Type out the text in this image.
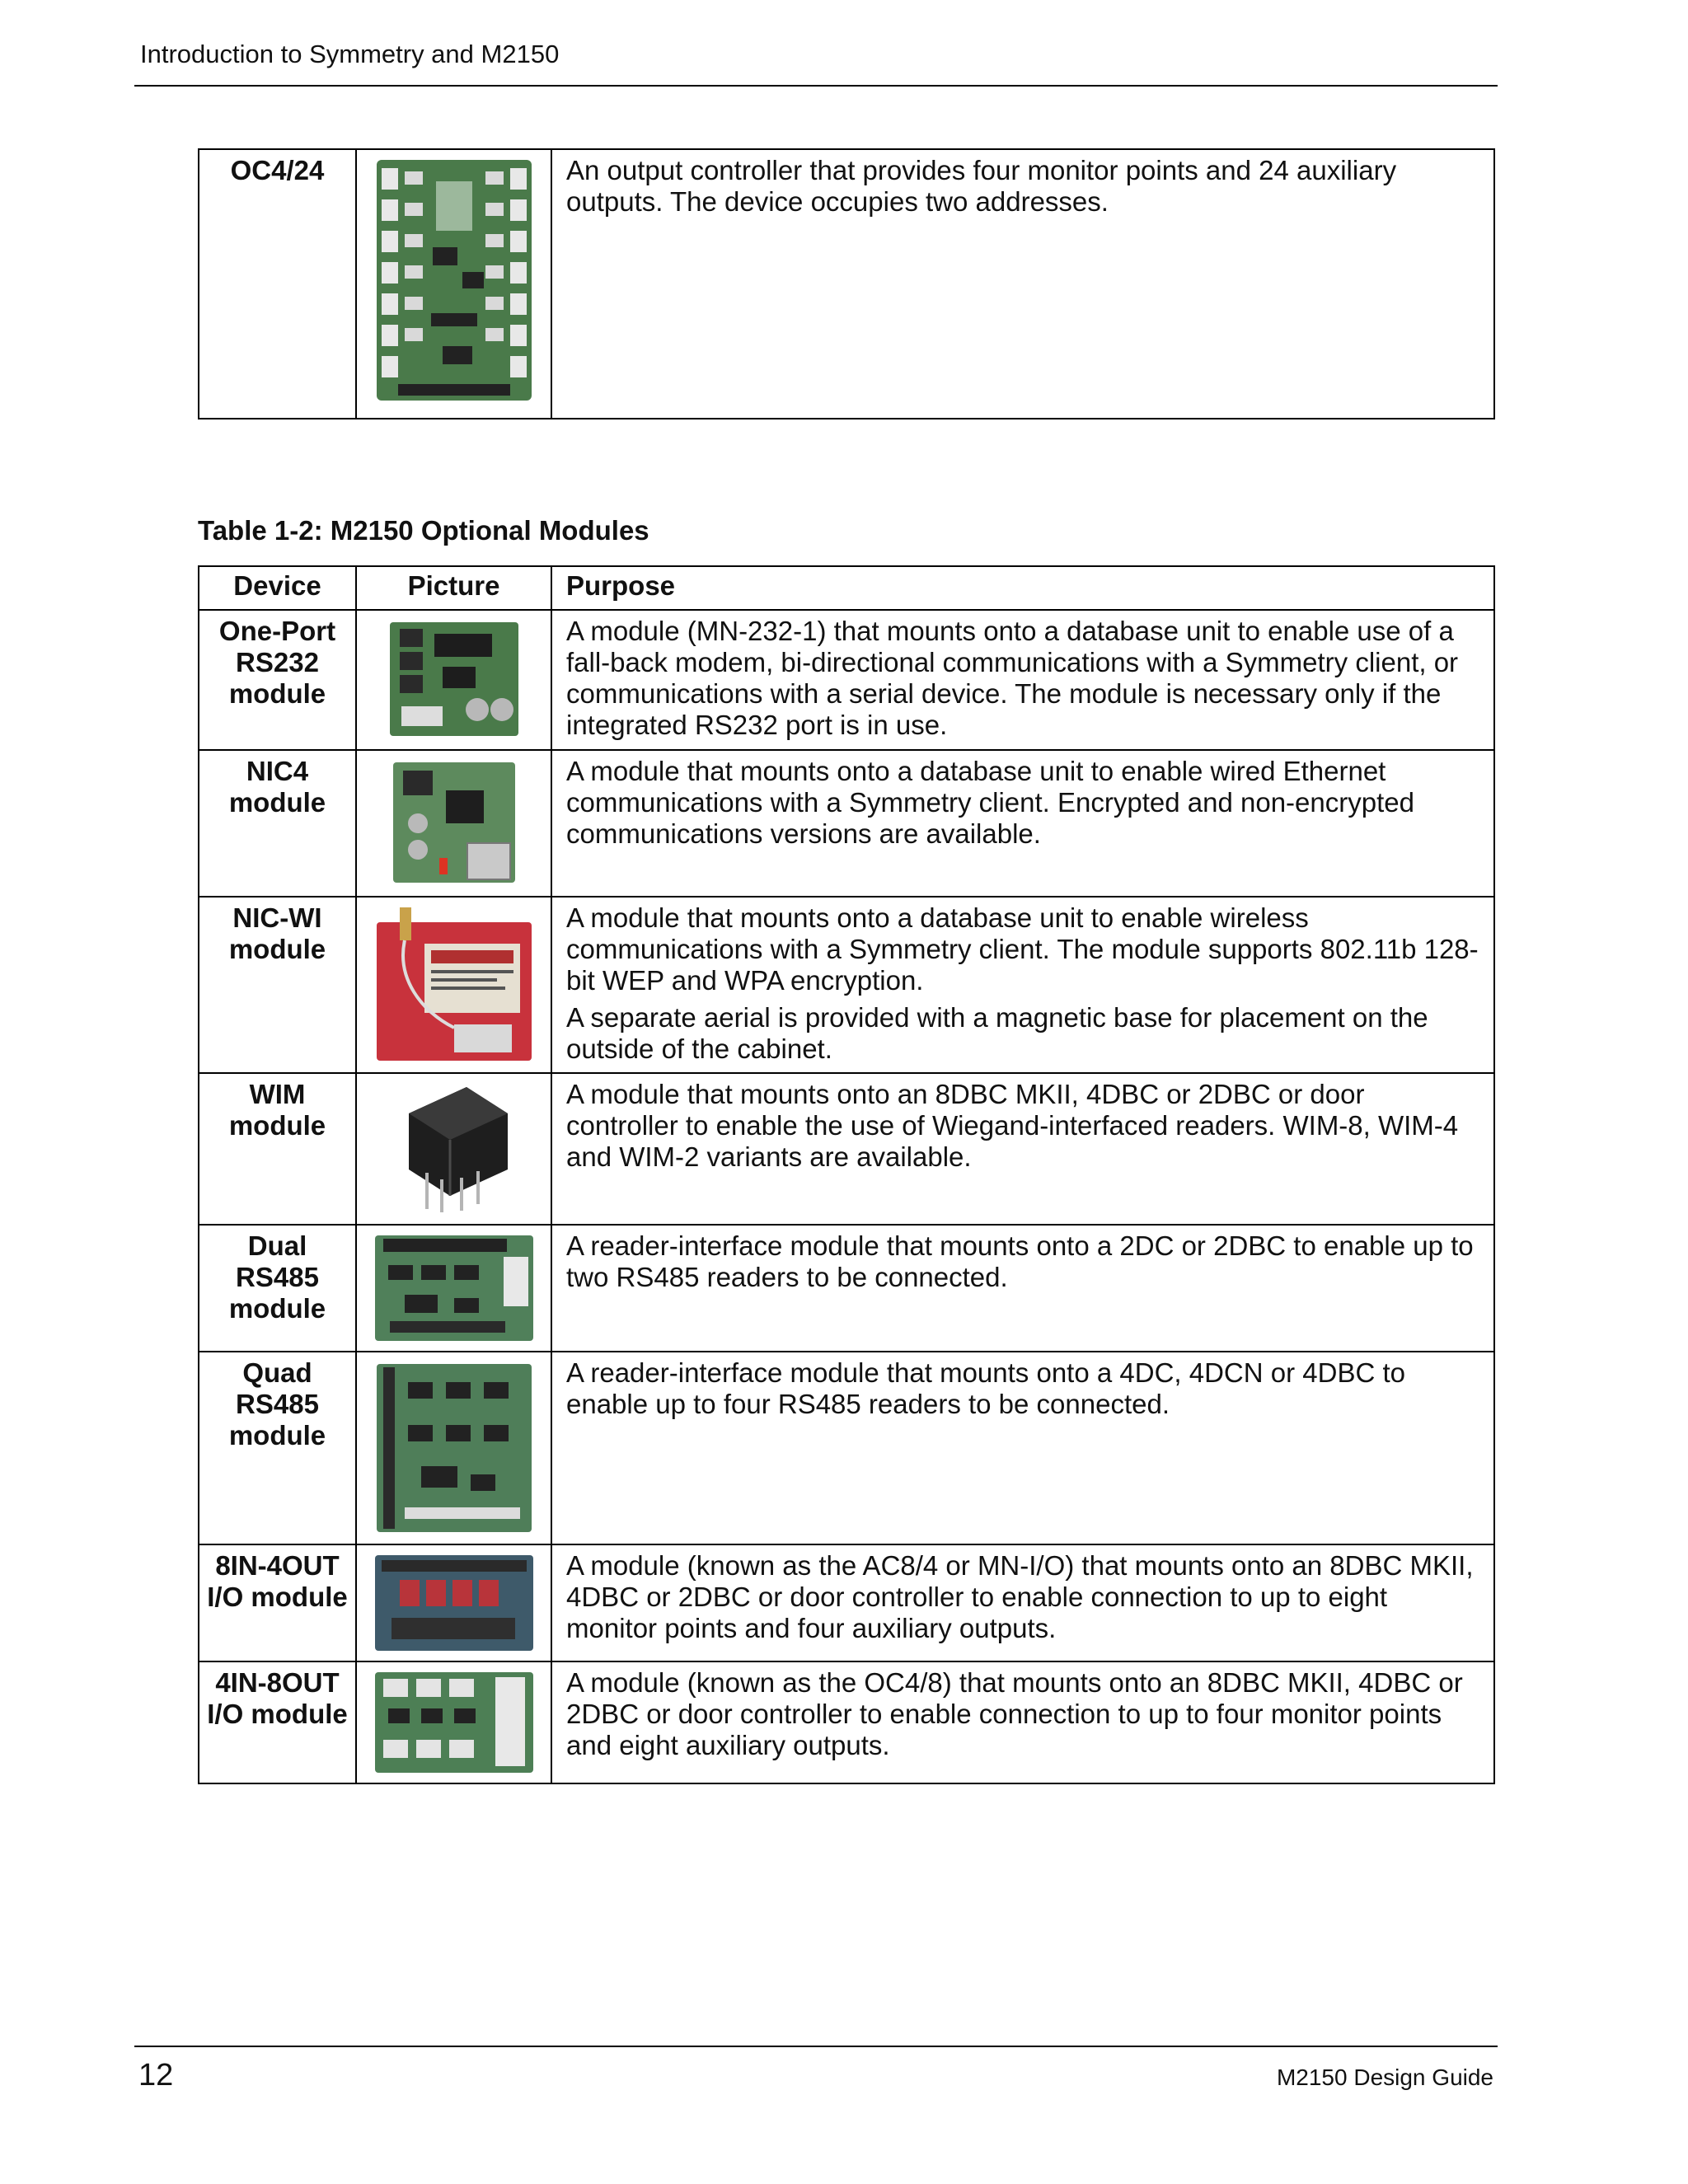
Introduction to Symmetry and M2150
OC4/24		An output controller that provides four monitor points and 24 auxiliary outputs. The device occupies two addresses.

Table 1-2: M2150 Optional Modules
Device	Picture	Purpose
One-Port RS232 module		A module (MN-232-1) that mounts onto a database unit to enable use of a fall-back modem, bi-directional communications with a Symmetry client, or communications with a serial device. The module is necessary only if the integrated RS232 port is in use.

NIC4 module		A module that mounts onto a database unit to enable wired Ethernet communications with a Symmetry client. Encrypted and non-encrypted communications versions are available.

NIC-WI module		A module that mounts onto a database unit to enable wireless communications with a Symmetry client. The module supports 802.11b 128-bit WEP and WPA encryption.

A separate aerial is provided with a magnetic base for placement on the outside of the cabinet.

WIM module		A module that mounts onto an 8DBC MKII, 4DBC or 2DBC or door controller to enable the use of Wiegand-interfaced readers. WIM-8, WIM-4 and WIM-2 variants are available.

Dual RS485 module		A reader-interface module that mounts onto a 2DC or 2DBC to enable up to two RS485 readers to be connected.

Quad RS485 module		A reader-interface module that mounts onto a 4DC, 4DCN or 4DBC to enable up to four RS485 readers to be connected.

8IN-4OUT I/O module		A module (known as the AC8/4 or MN-I/O) that mounts onto an 8DBC MKII, 4DBC or 2DBC or door controller to enable connection to up to eight monitor points and four auxiliary outputs.

4IN-8OUT I/O module		A module (known as the OC4/8) that mounts onto an 8DBC MKII, 4DBC or 2DBC or door controller to enable connection to up to four monitor points and eight auxiliary outputs.

12	M2150 Design Guide
